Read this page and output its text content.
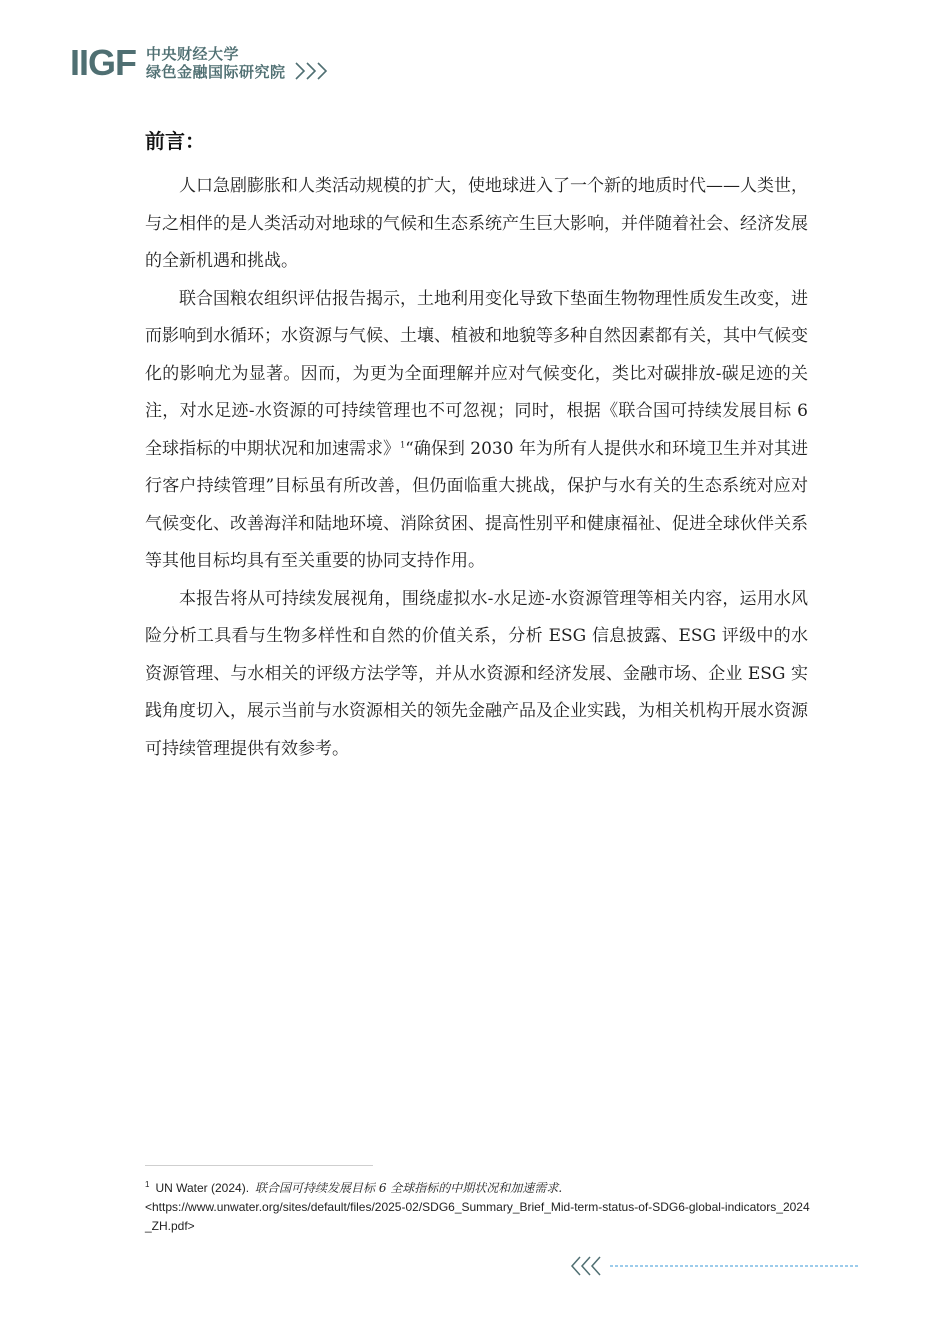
IIGF 中央财经大学
绿色金融国际研究院
前言：

人口急剧膨胀和人类活动规模的扩大，使地球进入了一个新的地质时代——人类世，与之相伴的是人类活动对地球的气候和生态系统产生巨大影响，并伴随着社会、经济发展的全新机遇和挑战。

联合国粮农组织评估报告揭示，土地利用变化导致下垫面生物物理性质发生改变，进而影响到水循环；水资源与气候、土壤、植被和地貌等多种自然因素都有关，其中气候变化的影响尤为显著。因而，为更为全面理解并应对气候变化，类比对碳排放-碳足迹的关注，对水足迹-水资源的可持续管理也不可忽视；同时，根据《联合国可持续发展目标 6 全球指标的中期状况和加速需求》$^1$“确保到 2030 年为所有人提供水和环境卫生并对其进行客户持续管理”目标虽有所改善，但仍面临重大挑战，保护与水有关的生态系统对应对气候变化、改善海洋和陆地环境、消除贫困、提高性别平和健康福祉、促进全球伙伴关系等其他目标均具有至关重要的协同支持作用。

本报告将从可持续发展视角，围绕虚拟水-水足迹-水资源管理等相关内容，运用水风险分析工具看与生物多样性和自然的价值关系，分析 ESG 信息披露、ESG 评级中的水资源管理、与水相关的评级方法学等，并从水资源和经济发展、金融市场、企业 ESG 实践角度切入，展示当前与水资源相关的领先金融产品及企业实践，为相关机构开展水资源可持续管理提供有效参考。

$^1$ UN Water (2024). 联合国可持续发展目标 6 全球指标的中期状况和加速需求.
<https://www.unwater.org/sites/default/files/2025-02/SDG6_Summary_Brief_Mid-term-status-of-SDG6-global-indicators_2024_ZH.pdf>
